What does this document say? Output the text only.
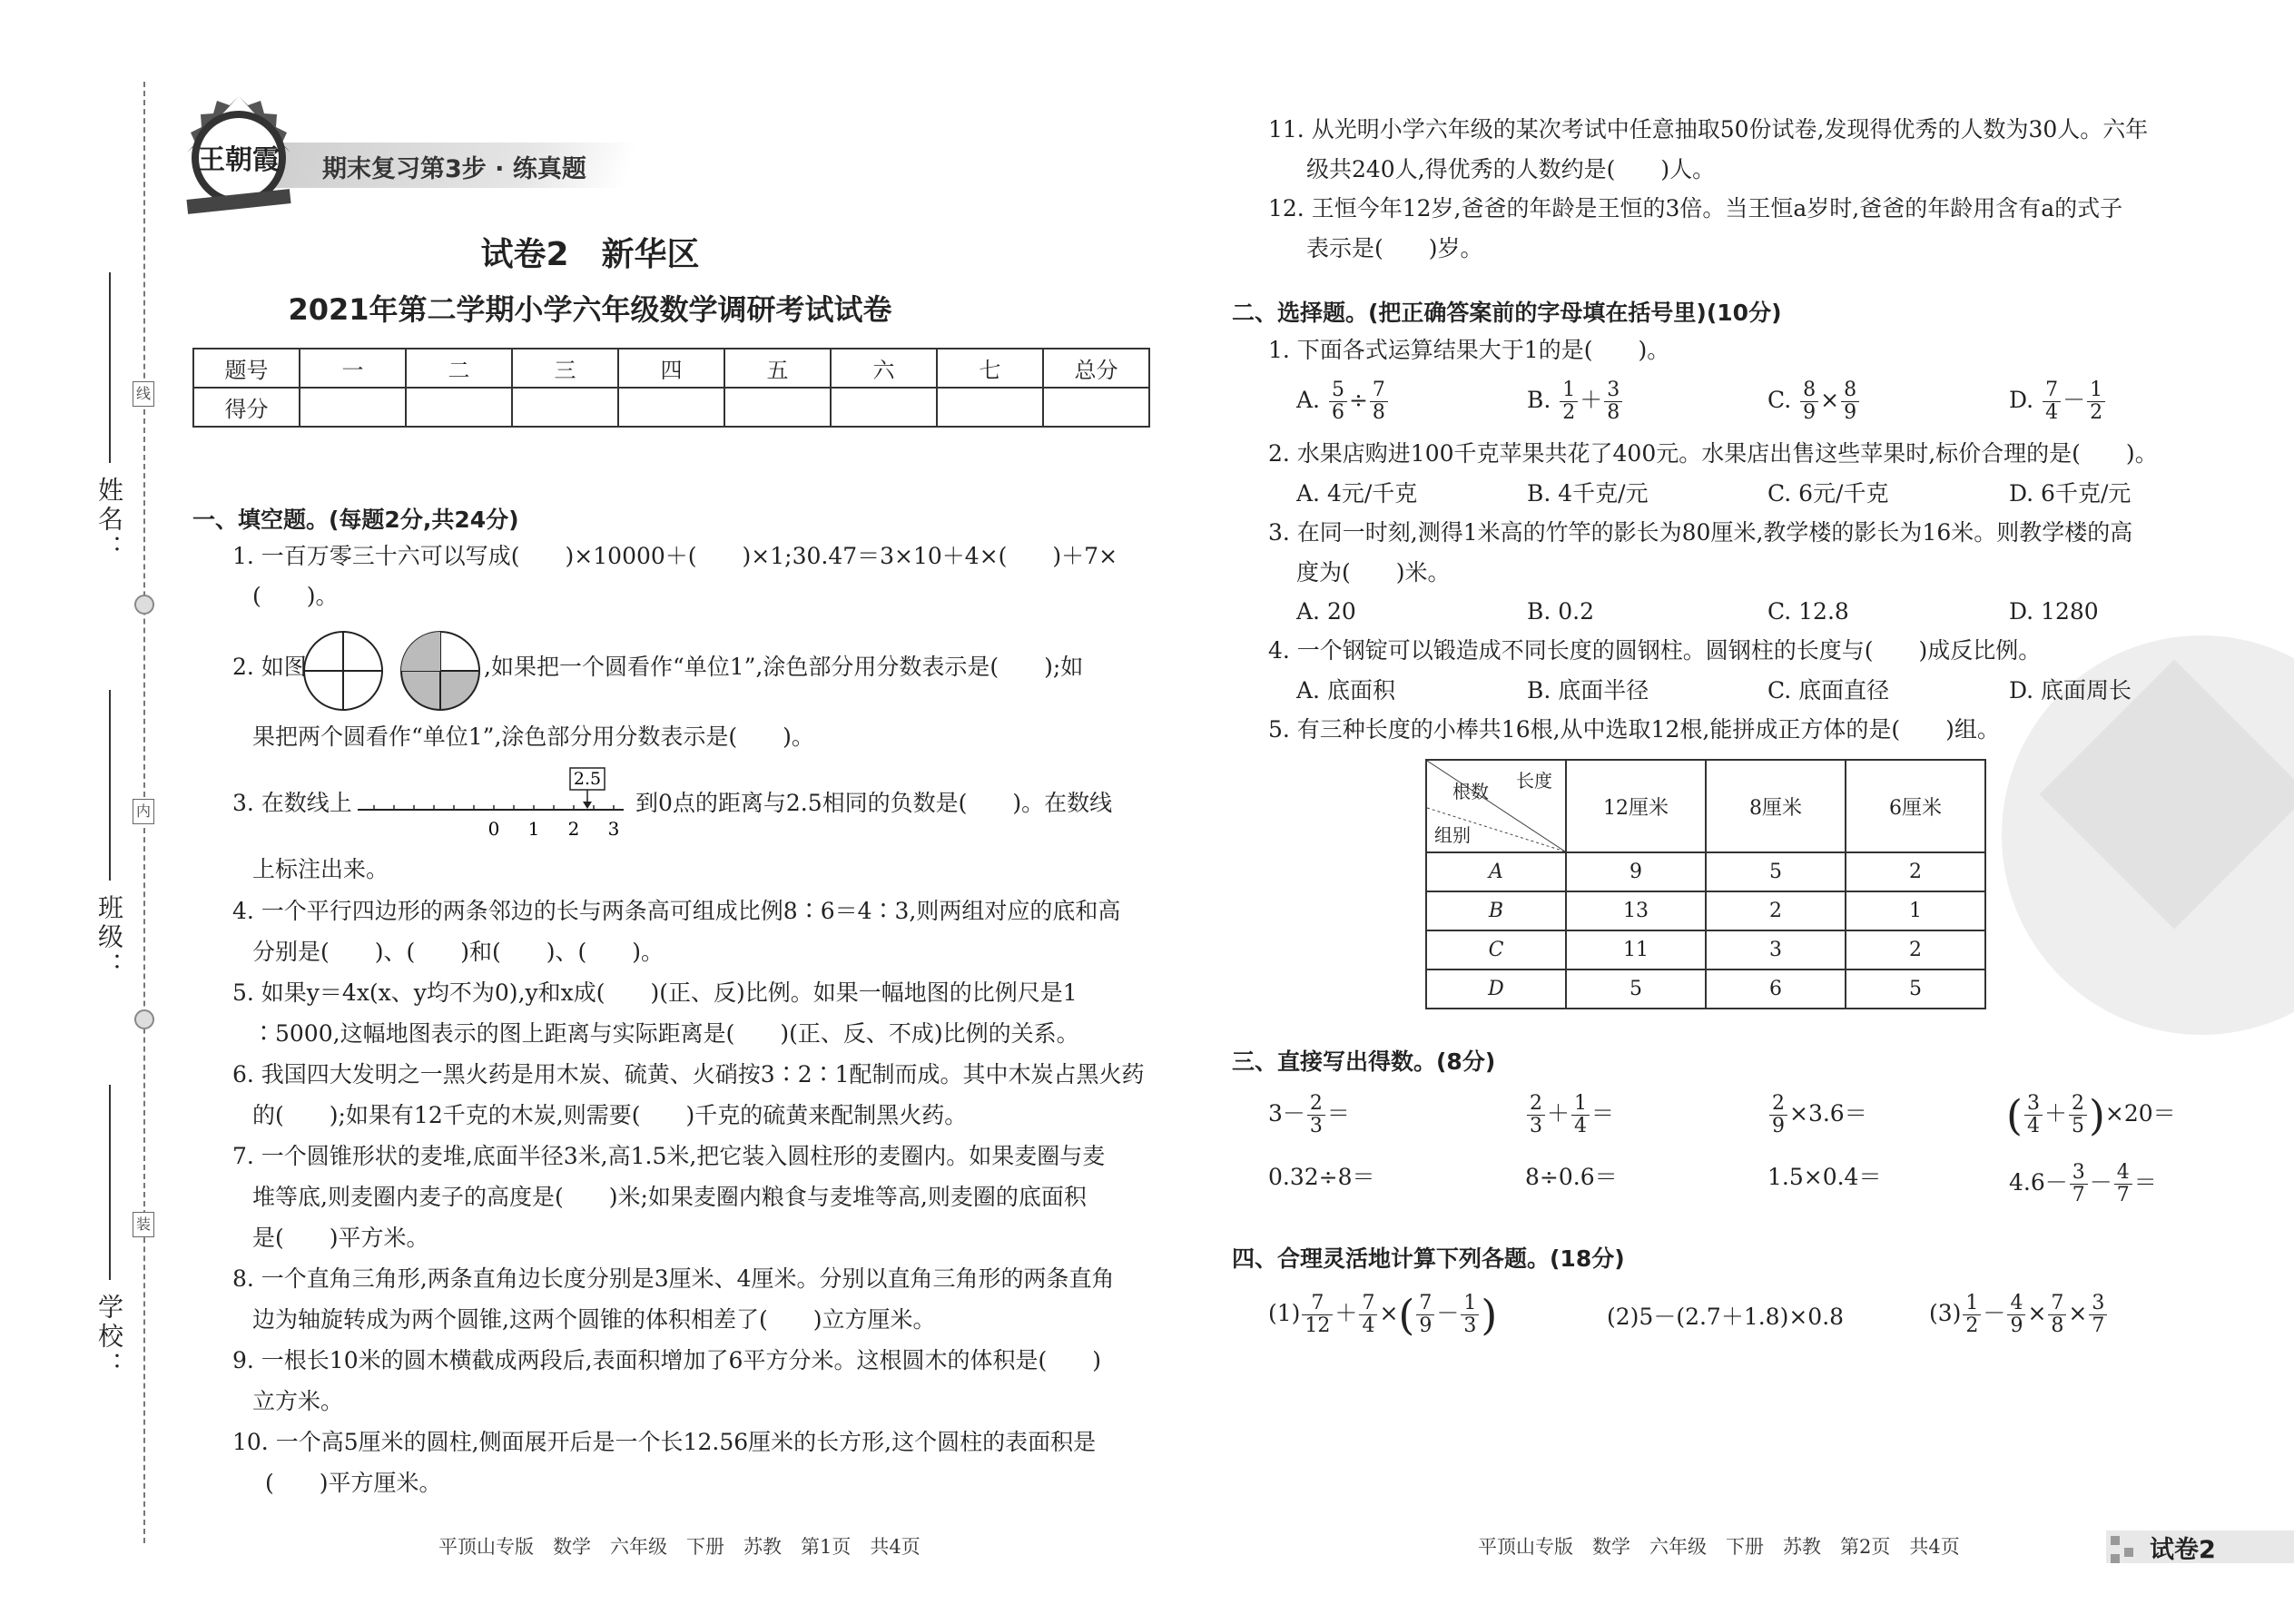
姓名：
线
班级：
内
学校：
装
期末复习第3步 · 练真题
王朝霞
试卷2　新华区
2021年第二学期小学六年级数学调研考试试卷
题号	一	二	三	四	五	六	七	总分
得分								
一、填空题。(每题2分,共24分)
1. 一百万零三十六可以写成(　　)×10000＋(　　)×1;30.47＝3×10＋4×(　　)＋7×
(　　)。
2. 如图	,如果把一个圆看作“单位1”,涂色部分用分数表示是(　　);如
果把两个圆看作“单位1”,涂色部分用分数表示是(　　)。
3. 在数线上
2.5
0 1 2 3
到0点的距离与2.5相同的负数是(　　)。在数线
上标注出来。
4. 一个平行四边形的两条邻边的长与两条高可组成比例8∶6＝4∶3,则两组对应的底和高
分别是(　　)、(　　)和(　　)、(　　)。
5. 如果y＝4x(x、y均不为0),y和x成(　　)(正、反)比例。如果一幅地图的比例尺是1
∶5000,这幅地图表示的图上距离与实际距离是(　　)(正、反、不成)比例的关系。
6. 我国四大发明之一黑火药是用木炭、硫黄、火硝按3∶2∶1配制而成。其中木炭占黑火药
的(　　);如果有12千克的木炭,则需要(　　)千克的硫黄来配制黑火药。
7. 一个圆锥形状的麦堆,底面半径3米,高1.5米,把它装入圆柱形的麦圈内。如果麦圈与麦
堆等底,则麦圈内麦子的高度是(　　)米;如果麦圈内粮食与麦堆等高,则麦圈的底面积
是(　　)平方米。
8. 一个直角三角形,两条直角边长度分别是3厘米、4厘米。分别以直角三角形的两条直角
边为轴旋转成为两个圆锥,这两个圆锥的体积相差了(　　)立方厘米。
9. 一根长10米的圆木横截成两段后,表面积增加了6平方分米。这根圆木的体积是(　　)
立方米。
10. 一个高5厘米的圆柱,侧面展开后是一个长12.56厘米的长方形,这个圆柱的表面积是
(　　)平方厘米。
平顶山专版　数学　六年级　下册　苏教　第1页　共4页
11. 从光明小学六年级的某次考试中任意抽取50份试卷,发现得优秀的人数为30人。六年
级共240人,得优秀的人数约是(　　)人。
12. 王恒今年12岁,爸爸的年龄是王恒的3倍。当王恒a岁时,爸爸的年龄用含有a的式子
表示是(　　)岁。
二、选择题。(把正确答案前的字母填在括号里)(10分)
1. 下面各式运算结果大于1的是(　　)。
A. $\frac{5}{6} \div \frac{7}{8}$	B. $\frac{1}{2} + \frac{3}{8}$	C. $\frac{8}{9} \times \frac{8}{9}$	D. $\frac{7}{4} - \frac{1}{2}$
2. 水果店购进100千克苹果共花了400元。水果店出售这些苹果时,标价合理的是(　　)。
A. 4元/千克	B. 4千克/元	C. 6元/千克	D. 6千克/元
3. 在同一时刻,测得1米高的竹竿的影长为80厘米,教学楼的影长为16米。则教学楼的高
度为(　　)米。
A. 20	B. 0.2	C. 12.8	D. 1280
4. 一个钢锭可以锻造成不同长度的圆钢柱。圆钢柱的长度与(　　)成反比例。
A. 底面积	B. 底面半径	C. 底面直径	D. 底面周长
5. 有三种长度的小棒共16根,从中选取12根,能拼成正方体的是(　　)组。
长度
根数
组别	12厘米	8厘米	6厘米
A	9	5	2
B	13	2	1
C	11	3	2
D	5	6	5
三、直接写出得数。(8分)
$3- \frac{2}{3}$ ＝	$\frac{2}{3} + \frac{1}{4}$ ＝	$\frac{2}{9} \times 3.6=$	( $\frac{3}{4} + \frac{2}{5} )\times 20=$
0.32÷8＝	8÷0.6＝	1.5×0.4＝	$4.6- \frac{3}{7} - \frac{4}{7}$ ＝
四、合理灵活地计算下列各题。(18分)
$(1) \frac{7}{12} + \frac{7}{4}$ ×( $\frac{7}{9} - \frac{1}{3}$ )	(2)5－(2.7＋1.8)×0.8	$(3) \frac{1}{2} - \frac{4}{9} \times \frac{7}{8} \times \frac{3}{7}$
平顶山专版　数学　六年级　下册　苏教　第2页　共4页	试卷2
